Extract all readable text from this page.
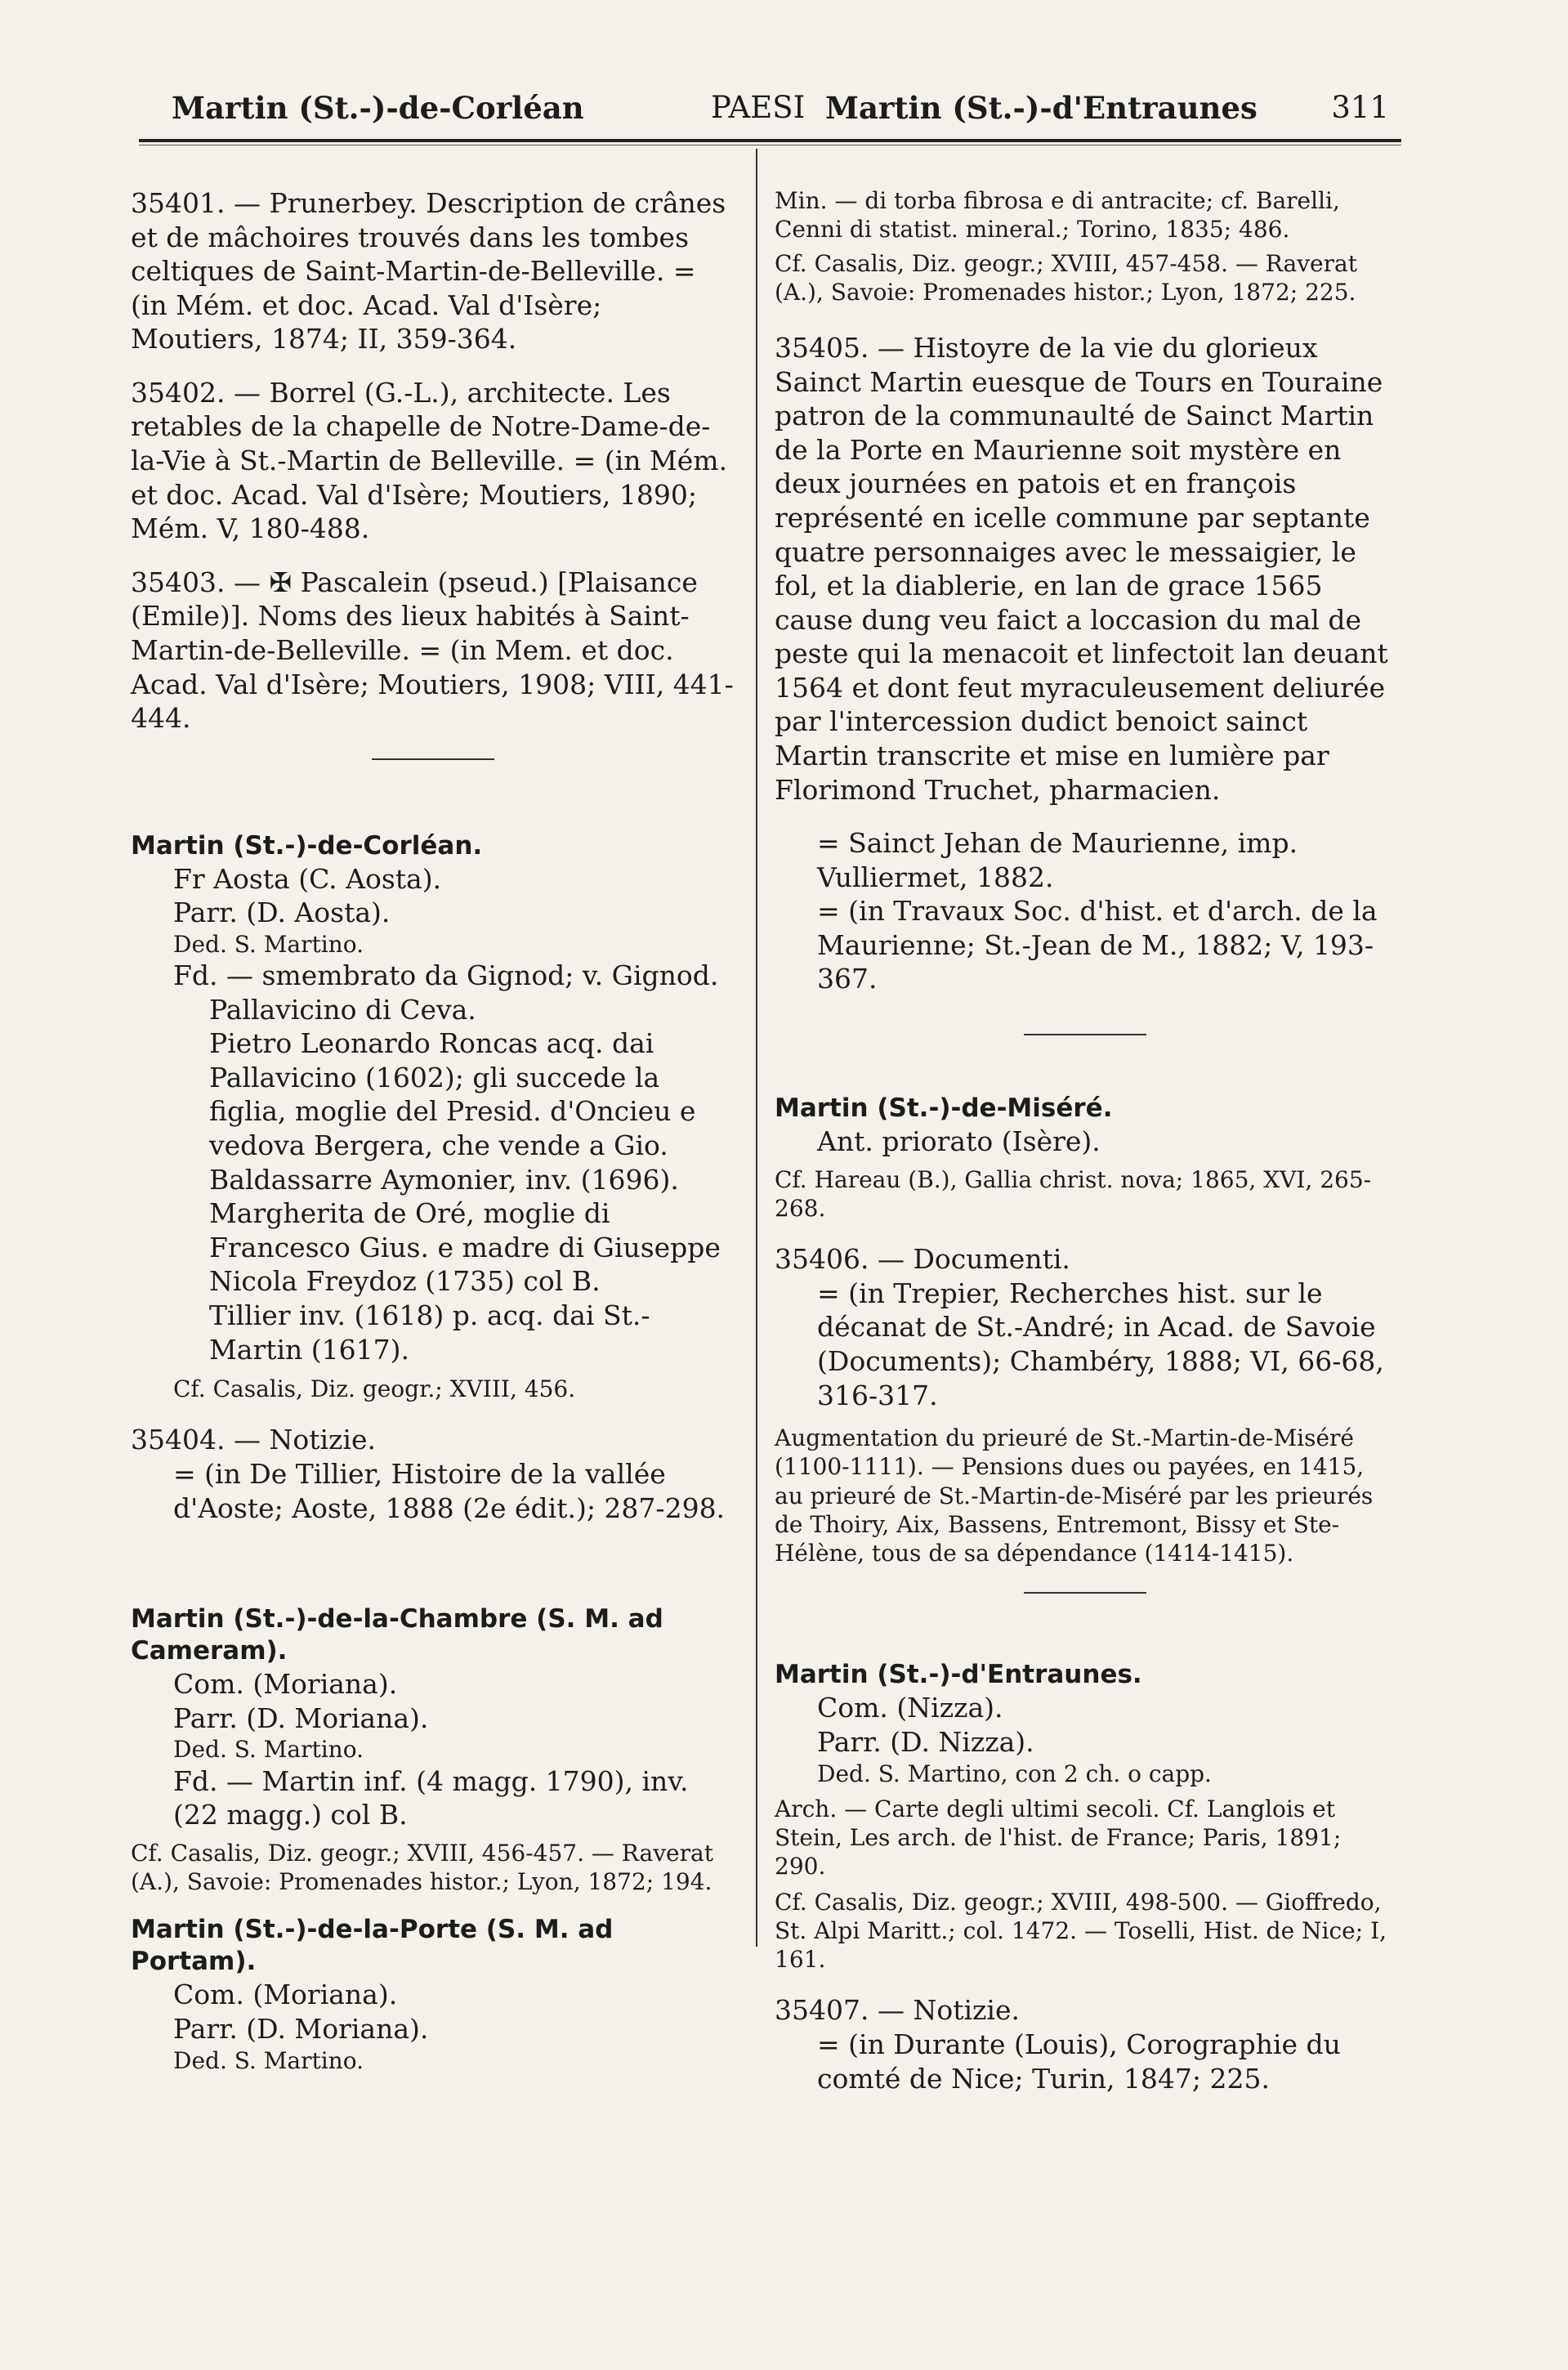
Martin (St.-)-de-Corléan	PAESI Martin (St.-)-d'Entraunes 311

35401. — Prunerbey. Description de crânes et de mâchoires trouvés dans les tombes celtiques de Saint-Martin-de-Belleville. = (in Mém. et doc. Acad. Val d'Isère; Moutiers, 1874; II, 359-364.

35402. — Borrel (G.-L.), architecte. Les retables de la chapelle de Notre-Dame-de-la-Vie à St.-Martin de Belleville. = (in Mém. et doc. Acad. Val d'Isère; Moutiers, 1890; Mém. V, 180-488.

35403. — ✠ Pascalein (pseud.) [Plaisance (Emile)]. Noms des lieux habités à Saint-Martin-de-Belleville. = (in Mem. et doc. Acad. Val d'Isère; Moutiers, 1908; VIII, 441-444.

Martin (St.-)-de-Corléan.

Fr Aosta (C. Aosta).

Parr. (D. Aosta).

Ded. S. Martino.

Fd. — smembrato da Gignod; v. Gignod.

Pallavicino di Ceva.

Pietro Leonardo Roncas acq. dai Pallavicino (1602); gli succede la figlia, moglie del Presid. d'Oncieu e vedova Bergera, che vende a Gio. Baldassarre Aymonier, inv. (1696).

Margherita de Oré, moglie di Francesco Gius. e madre di Giuseppe Nicola Freydoz (1735) col B.

Tillier inv. (1618) p. acq. dai St.-Martin (1617).

Cf. Casalis, Diz. geogr.; XVIII, 456.

35404. — Notizie.

= (in De Tillier, Histoire de la vallée d'Aoste; Aoste, 1888 (2e édit.); 287-298.

Martin (St.-)-de-la-Chambre (S. M. ad Cameram).

Com. (Moriana).

Parr. (D. Moriana).

Ded. S. Martino.

Fd. — Martin inf. (4 magg. 1790), inv. (22 magg.) col B.

Cf. Casalis, Diz. geogr.; XVIII, 456-457. — Raverat (A.), Savoie: Promenades histor.; Lyon, 1872; 194.

Martin (St.-)-de-la-Porte (S. M. ad Portam).

Com. (Moriana).

Parr. (D. Moriana).

Ded. S. Martino.

Min. — di torba fibrosa e di antracite; cf. Barelli, Cenni di statist. mineral.; Torino, 1835; 486.

Cf. Casalis, Diz. geogr.; XVIII, 457-458. — Raverat (A.), Savoie: Promenades histor.; Lyon, 1872; 225.

35405. — Histoyre de la vie du glorieux Sainct Martin euesque de Tours en Touraine patron de la communaulté de Sainct Martin de la Porte en Maurienne soit mystère en deux journées en patois et en françois représenté en icelle commune par septante quatre personnaiges avec le messaigier, le fol, et la diablerie, en lan de grace 1565 cause dung veu faict a loccasion du mal de peste qui la menacoit et linfectoit lan deuant 1564 et dont feut myraculeusement deliurée par l'intercession dudict benoict sainct Martin transcrite et mise en lumière par Florimond Truchet, pharmacien.

= Sainct Jehan de Maurienne, imp. Vulliermet, 1882.

= (in Travaux Soc. d'hist. et d'arch. de la Maurienne; St.-Jean de M., 1882; V, 193-367.

Martin (St.-)-de-Miséré.

Ant. priorato (Isère).

Cf. Hareau (B.), Gallia christ. nova; 1865, XVI, 265-268.

35406. — Documenti.

= (in Trepier, Recherches hist. sur le décanat de St.-André; in Acad. de Savoie (Documents); Chambéry, 1888; VI, 66-68, 316-317.

Augmentation du prieuré de St.-Martin-de-Miséré (1100-1111). — Pensions dues ou payées, en 1415, au prieuré de St.-Martin-de-Miséré par les prieurés de Thoiry, Aix, Bassens, Entremont, Bissy et Ste-Hélène, tous de sa dépendance (1414-1415).

Martin (St.-)-d'Entraunes.

Com. (Nizza).

Parr. (D. Nizza).

Ded. S. Martino, con 2 ch. o capp.

Arch. — Carte degli ultimi secoli. Cf. Langlois et Stein, Les arch. de l'hist. de France; Paris, 1891; 290.

Cf. Casalis, Diz. geogr.; XVIII, 498-500. — Gioffredo, St. Alpi Maritt.; col. 1472. — Toselli, Hist. de Nice; I, 161.

35407. — Notizie.

= (in Durante (Louis), Corographie du comté de Nice; Turin, 1847; 225.
